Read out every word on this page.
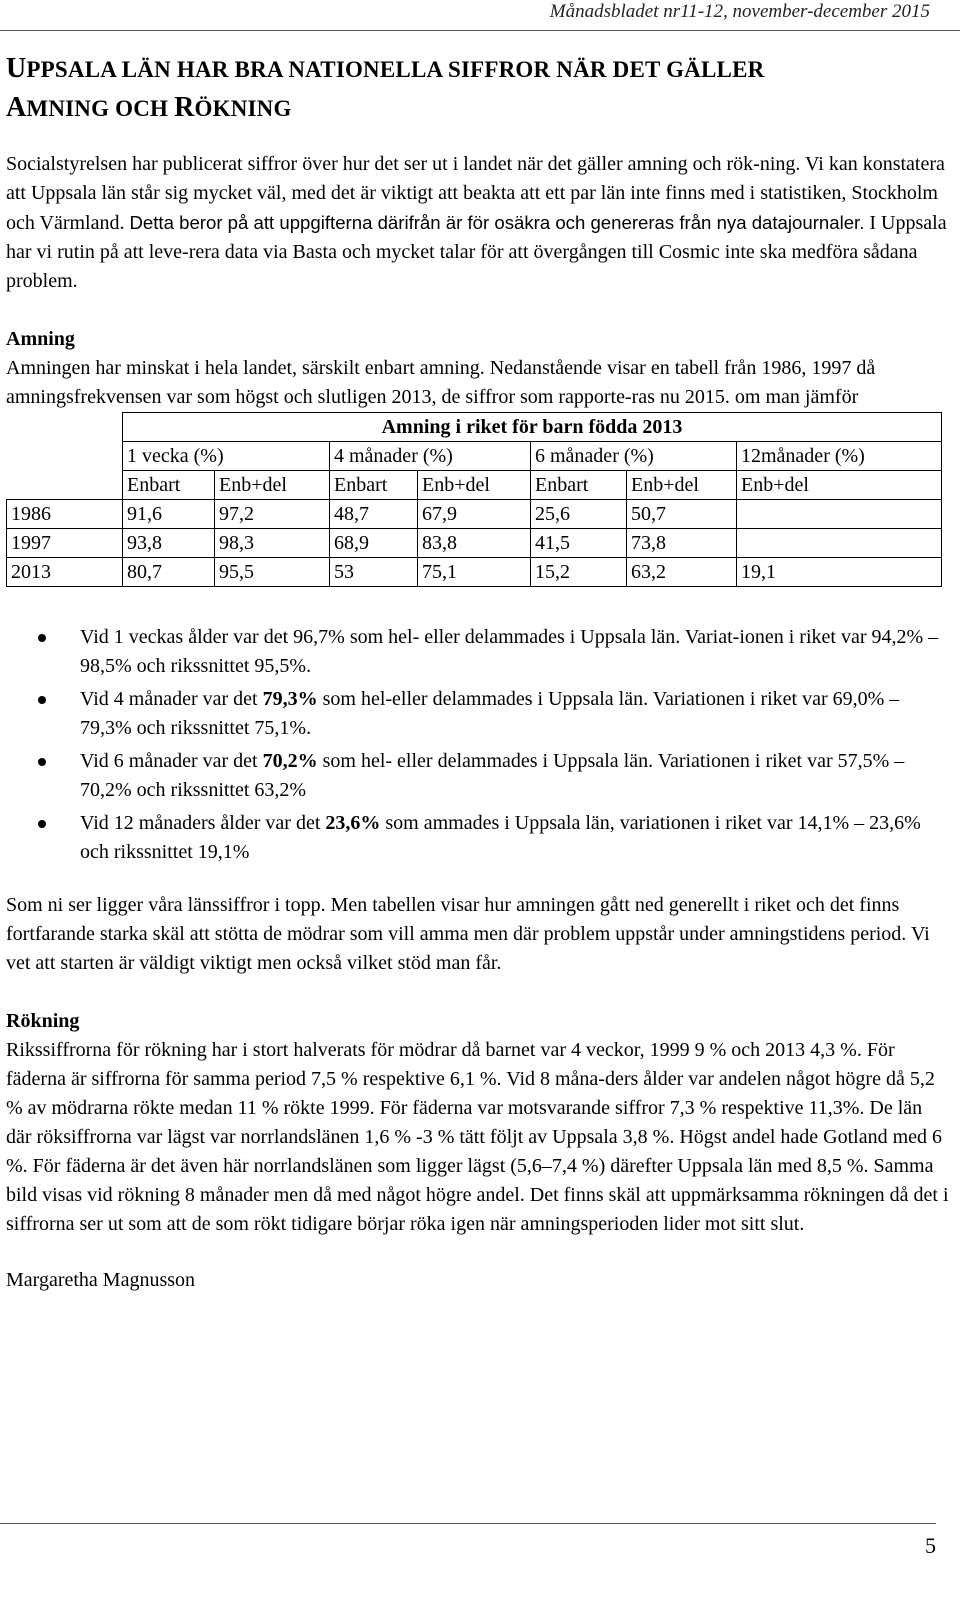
Månadsbladet nr11-12, november-december 2015
UPPSALA LÄN HAR BRA NATIONELLA SIFFROR NÄR DET GÄLLER
AMNING OCH RÖKNING

Socialstyrelsen har publicerat siffror över hur det ser ut i landet när det gäller amning och rök-ning. Vi kan konstatera att Uppsala län står sig mycket väl, med det är viktigt att beakta att ett par län inte finns med i statistiken, Stockholm och Värmland. Detta beror på att uppgifterna därifrån är för osäkra och genereras från nya datajournaler. I Uppsala har vi rutin på att leve-rera data via Basta och mycket talar för att övergången till Cosmic inte ska medföra sådana problem.

Amning

Amningen har minskat i hela landet, särskilt enbart amning. Nedanstående visar en tabell från 1986, 1997 då amningsfrekvensen var som högst och slutligen 2013, de siffror som rapporte-ras nu 2015. om man jämför

	Amning i riket för barn födda 2013						
	1 vecka (%)		4 månader (%)		6 månader (%)		12månader (%)
	Enbart	Enb+del	Enbart	Enb+del	Enbart	Enb+del	Enb+del
1986	91,6	97,2	48,7	67,9	25,6	50,7	
1997	93,8	98,3	68,9	83,8	41,5	73,8	
2013	80,7	95,5	53	75,1	15,2	63,2	19,1
Vid 1 veckas ålder var det 96,7% som hel- eller delammades i Uppsala län. Variat-ionen i riket var 94,2% – 98,5% och rikssnittet 95,5%.
Vid 4 månader var det 79,3% som hel-eller delammades i Uppsala län. Variationen i riket var 69,0% – 79,3% och rikssnittet 75,1%.
Vid 6 månader var det 70,2% som hel- eller delammades i Uppsala län. Variationen i riket var 57,5% – 70,2% och rikssnittet 63,2%
Vid 12 månaders ålder var det 23,6% som ammades i Uppsala län, variationen i riket var 14,1% – 23,6% och rikssnittet 19,1%

Som ni ser ligger våra länssiffror i topp. Men tabellen visar hur amningen gått ned generellt i riket och det finns fortfarande starka skäl att stötta de mödrar som vill amma men där problem uppstår under amningstidens period. Vi vet att starten är väldigt viktigt men också vilket stöd man får.

Rökning

Rikssiffrorna för rökning har i stort halverats för mödrar då barnet var 4 veckor, 1999 9 % och 2013 4,3 %. För fäderna är siffrorna för samma period 7,5 % respektive 6,1 %. Vid 8 måna-ders ålder var andelen något högre då 5,2 % av mödrarna rökte medan 11 % rökte 1999. För fäderna var motsvarande siffror 7,3 % respektive 11,3%. De län där röksiffrorna var lägst var norrlandslänen 1,6 % -3 % tätt följt av Uppsala 3,8 %. Högst andel hade Gotland med 6 %. För fäderna är det även här norrlandslänen som ligger lägst (5,6–7,4 %) därefter Uppsala län med 8,5 %. Samma bild visas vid rökning 8 månader men då med något högre andel. Det finns skäl att uppmärksamma rökningen då det i siffrorna ser ut som att de som rökt tidigare börjar röka igen när amningsperioden lider mot sitt slut.

Margaretha Magnusson
5
